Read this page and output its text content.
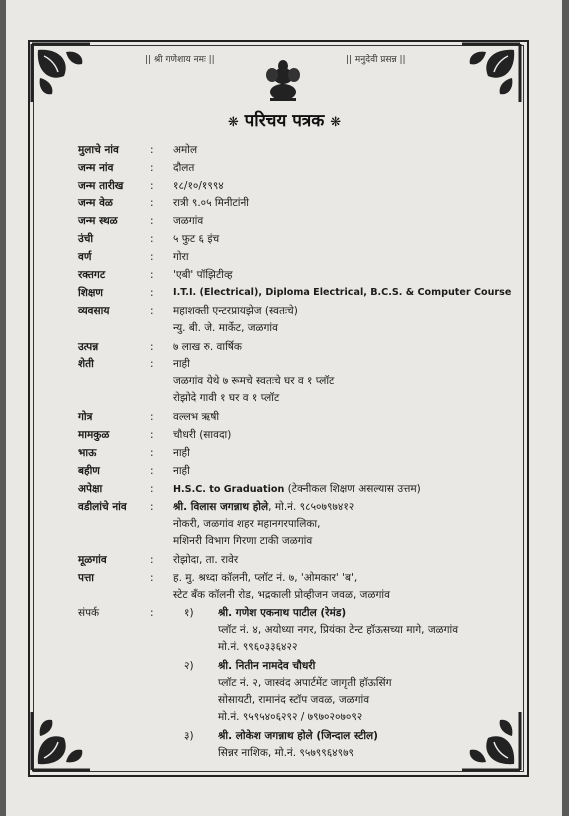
|| श्री गणेशाय नमः ||	|| मनुदेवी प्रसन्न ||
❋ परिचय पत्रक ❋
मुलाचे नांव	: अमोल
जन्म नांव	: दौलत
जन्म तारीख	: १८/१०/१९९४
जन्म वेळ	: रात्री ९.०५ मिनीटांनी
जन्म स्थळ	: जळगांव
उंची	: ५ फुट ६ इंच
वर्ण	: गोरा
रक्तगट	: 'एबी' पॉझिटीव्ह
शिक्षण	: I.T.I. (Electrical), Diploma Electrical, B.C.S. & Computer Course
व्यवसाय	: महाशक्ती एन्टरप्रायझेज (स्वतःचे)
न्यु. बी. जे. मार्केट, जळगांव
उत्पन्न	: ७ लाख रु. वार्षिक
शेती	: नाही
जळगांव येथे ७ रूमचे स्वतःचे घर व १ प्लॉट
रोझोदे गावी १ घर व १ प्लॉट
गोत्र	: वल्लभ ऋषी
मामकुळ	: चौधरी (सावदा)
भाऊ	: नाही
बहीण	: नाही
अपेक्षा	: H.S.C. to Graduation (टेक्नीकल शिक्षण असल्यास उत्तम)
वडीलांचे नांव	: श्री. विलास जगन्नाथ होले, मो.नं. ९८५०७९७४१२
नोकरी, जळगांव शहर महानगरपालिका,
मशिनरी विभाग गिरणा टाकी जळगांव
मूळगांव	: रोझोदा, ता. रावेर
पत्ता	: ह. मु. श्रध्दा कॉलनी, प्लॉट नं. ७, 'ओमकार' 'ब',
स्टेट बँक कॉलनी रोड, भद्रकाली प्रोव्हीजन जवळ, जळगांव
संपर्क	:	१) श्री. गणेश एकनाथ पाटील (रेमंड)
प्लॉट नं. ४, अयोध्या नगर, प्रियंका टेन्ट हॉऊसच्या मागे, जळगांव
मो.नं. ९९६०३३६४२२
२) श्री. नितीन नामदेव चौधरी
प्लॉट नं. २, जास्वंद अपार्टमेंट जागृती हॉऊसिंग
सोसायटी, रामानंद स्टॉप जवळ, जळगांव
मो.नं. ९५९५४०६२९२ / ७९७०२०७०९२
३) श्री. लोकेश जगन्नाथ होले (जिन्दाल स्टील)
सिन्नर नाशिक, मो.नं. ९५७९९६४९७९
